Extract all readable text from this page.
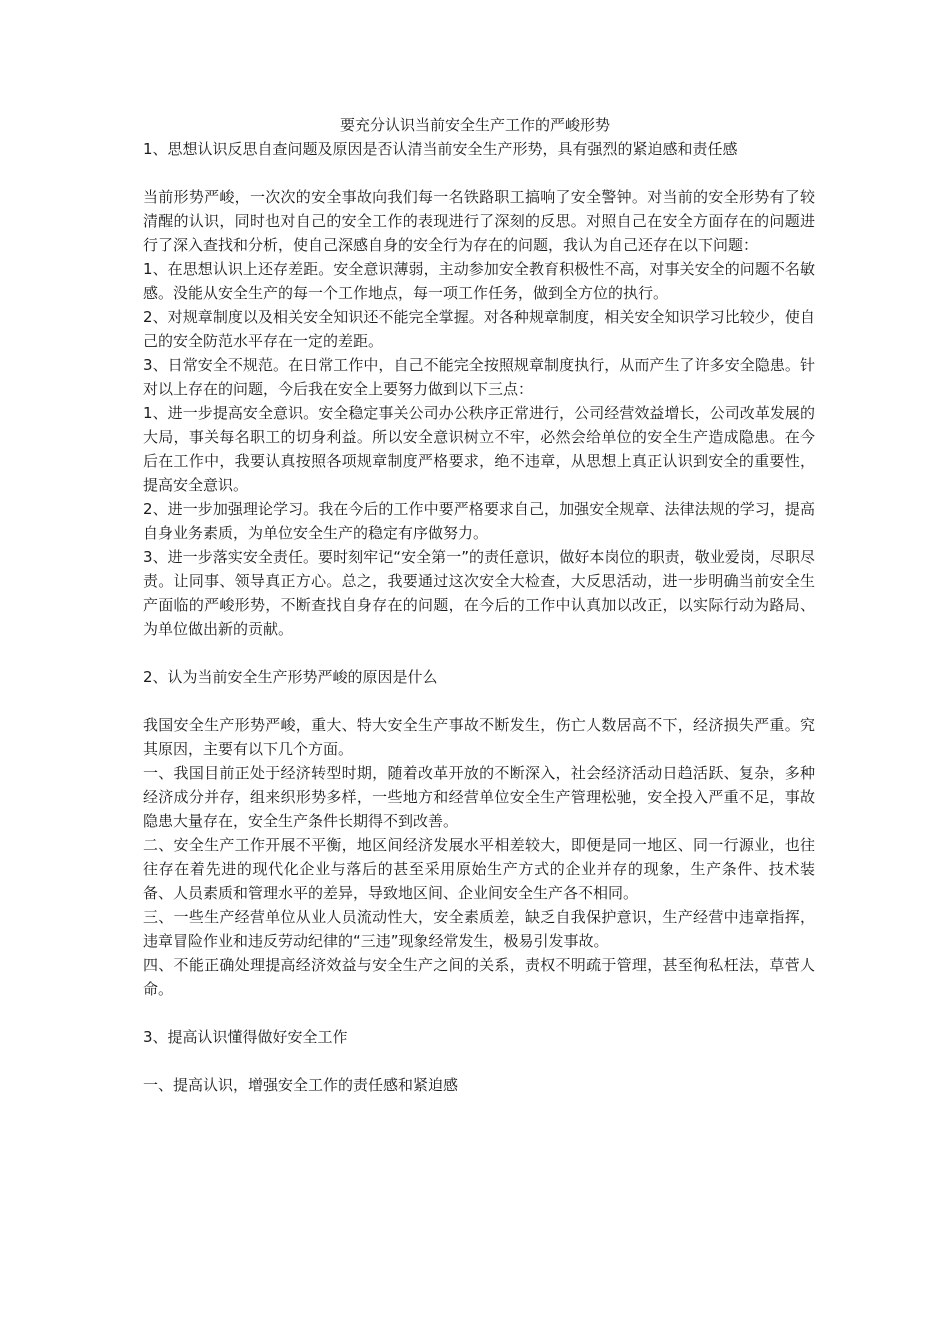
要充分认识当前安全生产工作的严峻形势

1、思想认识反思自查问题及原因是否认清当前安全生产形势，具有强烈的紧迫感和责任感

当前形势严峻，一次次的安全事故向我们每一名铁路职工搞响了安全警钟。对当前的安全形势有了较清醒的认识，同时也对自己的安全工作的表现进行了深刻的反思。对照自己在安全方面存在的问题进行了深入查找和分析，使自己深感自身的安全行为存在的问题，我认为自己还存在以下问题：

1、在思想认识上还存差距。安全意识薄弱，主动参加安全教育积极性不高，对事关安全的问题不名敏感。没能从安全生产的每一个工作地点，每一项工作任务，做到全方位的执行。

2、对规章制度以及相关安全知识还不能完全掌握。对各种规章制度，相关安全知识学习比较少，使自己的安全防范水平存在一定的差距。

3、日常安全不规范。在日常工作中，自己不能完全按照规章制度执行，从而产生了许多安全隐患。针对以上存在的问题，今后我在安全上要努力做到以下三点：

1、进一步提高安全意识。安全稳定事关公司办公秩序正常进行，公司经营效益增长，公司改革发展的大局，事关每名职工的切身利益。所以安全意识树立不牢，必然会给单位的安全生产造成隐患。在今后在工作中，我要认真按照各项规章制度严格要求，绝不违章，从思想上真正认识到安全的重要性，提高安全意识。

2、进一步加强理论学习。我在今后的工作中要严格要求自己，加强安全规章、法律法规的学习，提高自身业务素质，为单位安全生产的稳定有序做努力。

3、进一步落实安全责任。要时刻牢记“安全第一”的责任意识，做好本岗位的职责，敬业爱岗，尽职尽责。让同事、领导真正方心。总之，我要通过这次安全大检查，大反思活动，进一步明确当前安全生产面临的严峻形势，不断查找自身存在的问题，在今后的工作中认真加以改正，以实际行动为路局、为单位做出新的贡献。

2、认为当前安全生产形势严峻的原因是什么

我国安全生产形势严峻，重大、特大安全生产事故不断发生，伤亡人数居高不下，经济损失严重。究其原因，主要有以下几个方面。

一、我国目前正处于经济转型时期，随着改革开放的不断深入，社会经济活动日趋活跃、复杂，多种经济成分并存，组来织形势多样，一些地方和经营单位安全生产管理松驰，安全投入严重不足，事故隐患大量存在，安全生产条件长期得不到改善。

二、安全生产工作开展不平衡，地区间经济发展水平相差较大，即便是同一地区、同一行源业，也往往存在着先进的现代化企业与落后的甚至采用原始生产方式的企业并存的现象，生产条件、技术装备、人员素质和管理水平的差异，导致地区间、企业间安全生产各不相同。

三、一些生产经营单位从业人员流动性大，安全素质差，缺乏自我保护意识，生产经营中违章指挥，违章冒险作业和违反劳动纪律的“三违”现象经常发生，极易引发事故。

四、不能正确处理提高经济效益与安全生产之间的关系，责权不明疏于管理，甚至徇私枉法，草菅人命。

3、提高认识懂得做好安全工作

一、提高认识，增强安全工作的责任感和紧迫感
